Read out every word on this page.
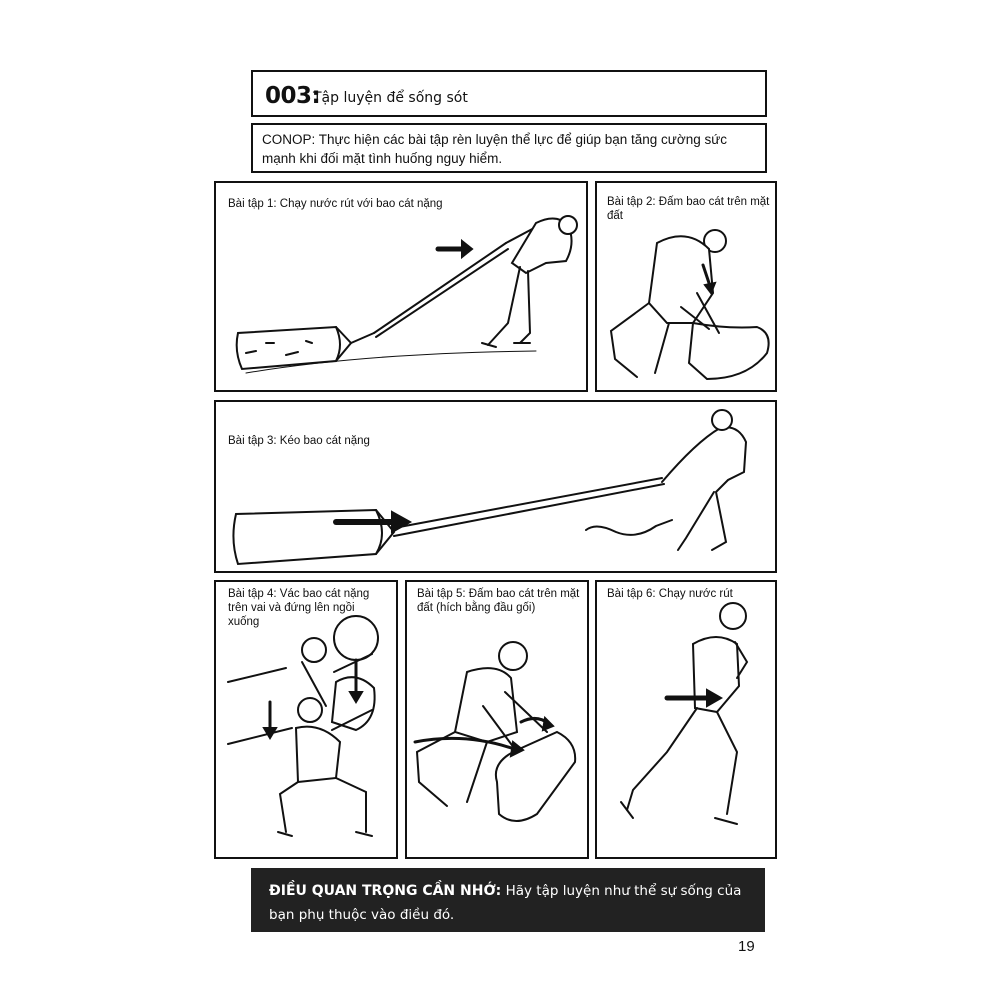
003:
Tập luyện để sống sót
CONOP: Thực hiện các bài tập rèn luyện thể lực để giúp bạn tăng cường sức mạnh khi đối mặt tình huống nguy hiểm.
Bài tập 1: Chạy nước rút với bao cát nặng	Bài tập 2: Đấm bao cát trên mặt đất
Bài tập 3: Kéo bao cát nặng
Bài tập 4: Vác bao cát nặng trên vai và đứng lên ngồi xuống
Bài tập 5: Đấm bao cát trên mặt đất (hích bằng đầu gối)
Bài tập 6: Chạy nước rút
ĐIỀU QUAN TRỌNG CẦN NHỚ: Hãy tập luyện như thể sự sống của bạn phụ thuộc vào điều đó.
19
